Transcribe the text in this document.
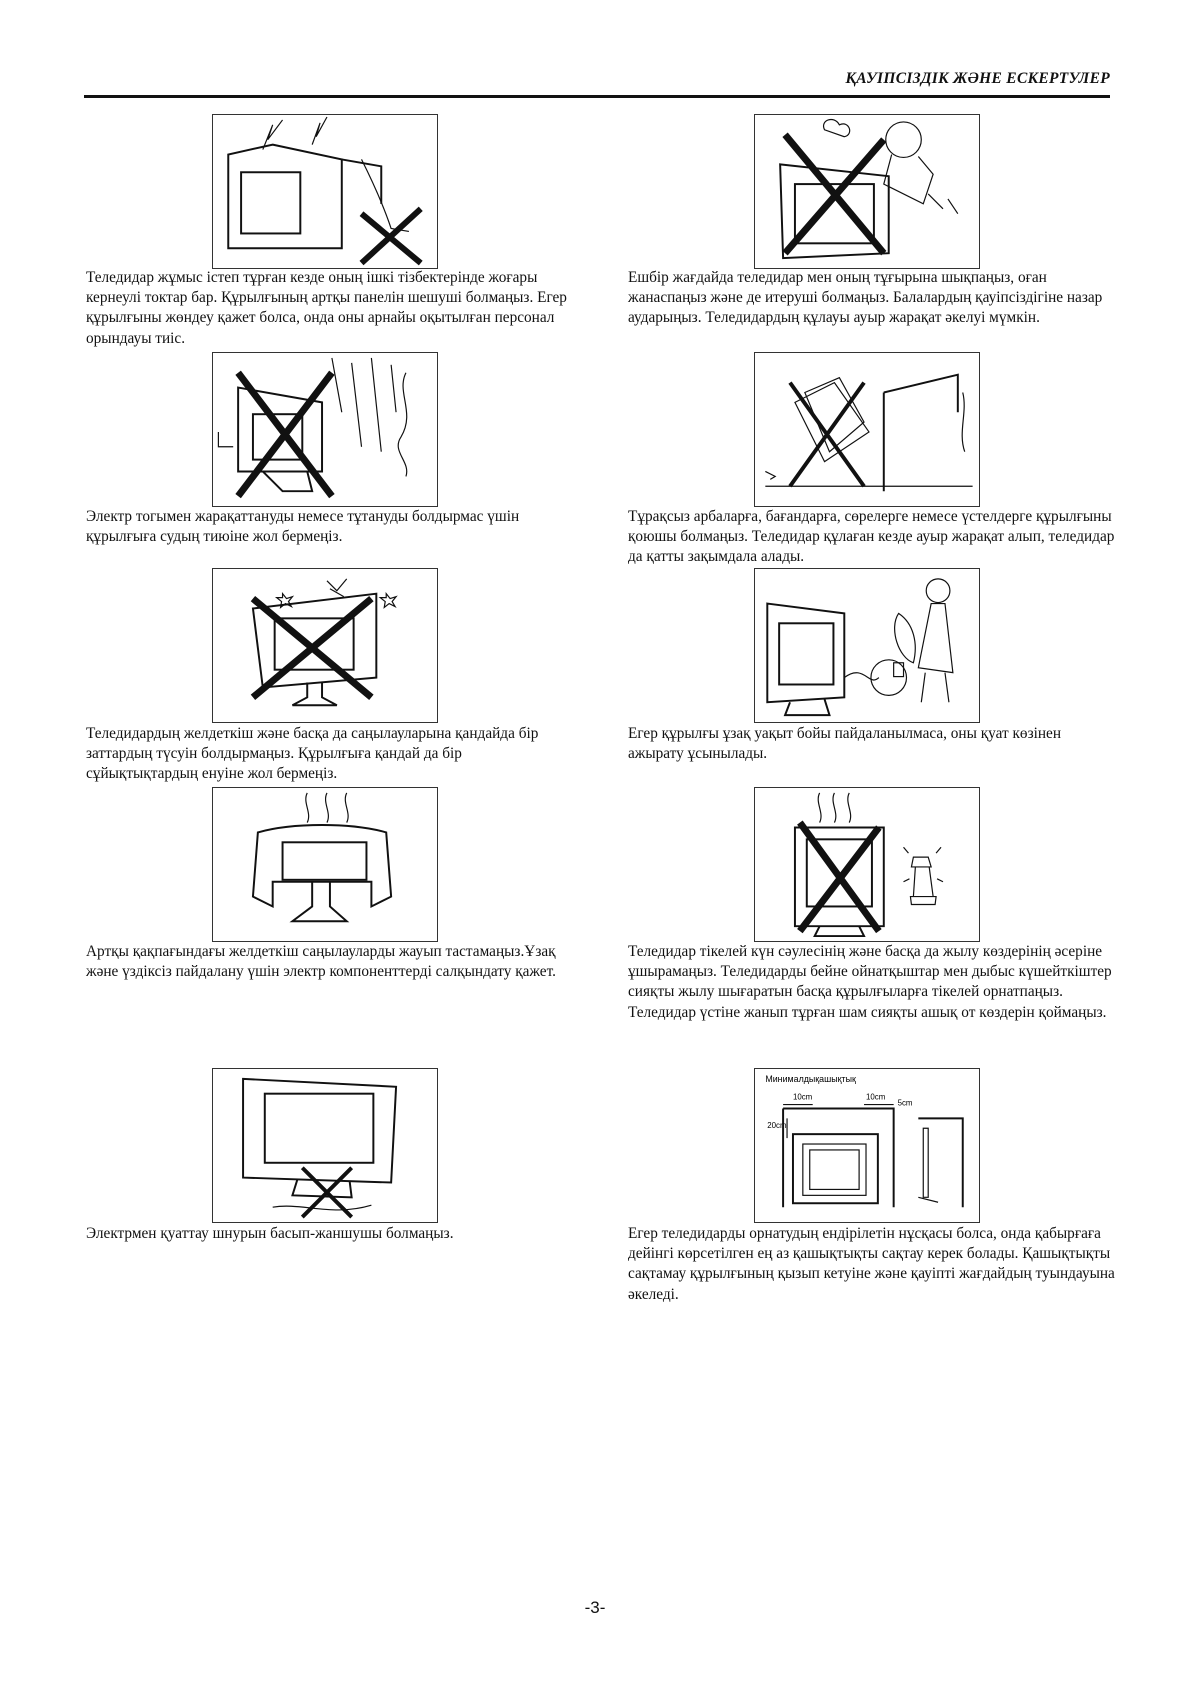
ҚАУІПСІЗДІК ЖӘНЕ ЕСКЕРТУЛЕР

Теледидар жұмыс істеп тұрған кезде оның ішкі тізбектерінде жоғары кернеулі токтар бар. Құрылғының артқы панелін шешуші болмаңыз. Егер құрылғыны жөндеу қажет болса, онда оны арнайы оқытылған персонал орындауы тиіс.

Электр тогымен жарақаттануды немесе тұтануды болдырмас үшін құрылғыға судың тиюіне жол бермеңіз.

Теледидардың желдеткіш және басқа да саңылауларына қандайда бір заттардың түсуін болдырмаңыз. Құрылғыға қандай да бір сұйықтықтардың енуіне жол бермеңіз.

Артқы қақпағындағы желдеткіш саңылауларды жауып тастамаңыз.Ұзақ және үздіксіз пайдалану үшін электр компоненттерді салқындату қажет.

Электрмен қуаттау шнурын басып-жаншушы болмаңыз.

Ешбір жағдайда теледидар мен оның тұғырына шықпаңыз, оған жанаспаңыз және де итеруші болмаңыз. Балалардың қауіпсіздігіне назар аударыңыз. Теледидардың құлауы ауыр жарақат әкелуі мүмкін.

Тұрақсыз арбаларға, бағандарға, сөрелерге немесе үстелдерге құрылғыны қоюшы болмаңыз. Теледидар құлаған кезде ауыр жарақат алып, теледидар да қатты зақымдала алады.

Егер құрылғы ұзақ уақыт бойы пайдаланылмаса, оны қуат көзінен ажырату ұсынылады.

Теледидар тікелей күн сәулесінің және басқа да жылу көздерінің әсеріне ұшырамаңыз. Теледидарды бейне ойнатқыштар мен дыбыс күшейткіштер сияқты жылу шығаратын басқа құрылғыларға тікелей орнатпаңыз. Теледидар үстіне жанып тұрған шам сияқты ашық от көздерін қоймаңыз.

Минималдықашықтық
10cm	10cm
5cm
20cm

Егер теледидарды орнатудың ендірілетін нұсқасы болса, онда қабырғаға дейінгі көрсетілген ең аз қашықтықты сақтау керек болады. Қашықтықты сақтамау құрылғының қызып кетуіне және қауіпті жағдайдың туындауына әкеледі.

-3-
